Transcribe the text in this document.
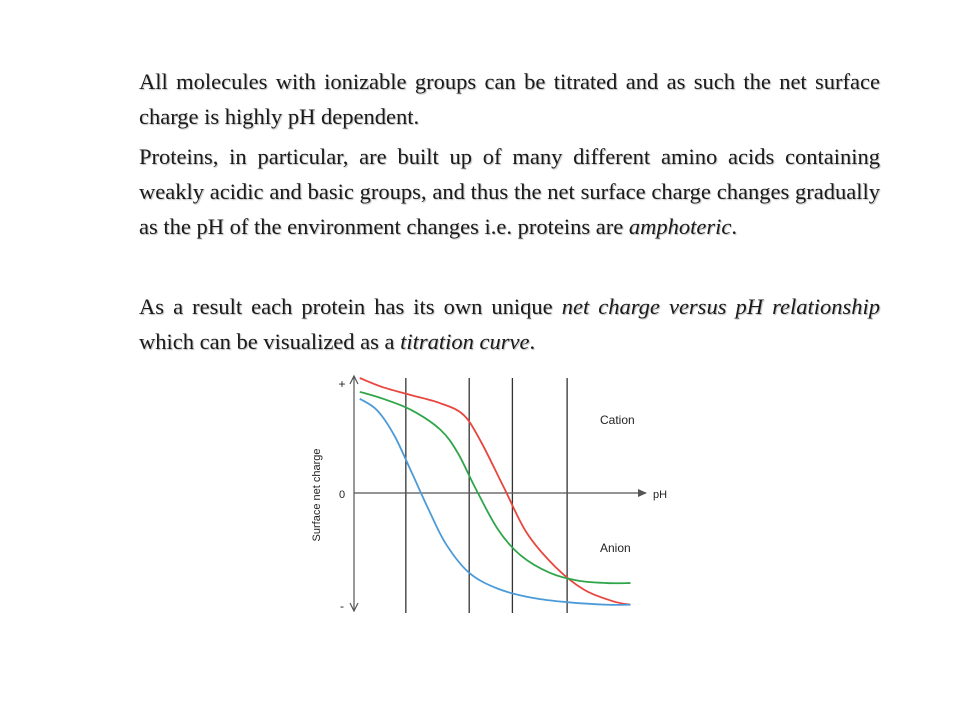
All molecules with ionizable groups can be titrated and as such the net surface charge is highly pH dependent.

Proteins, in particular, are built up of many different amino acids containing weakly acidic and basic groups, and thus the net surface charge changes gradually as the pH of the environment changes i.e. proteins are amphoteric.

As a result each protein has its own unique net charge versus pH relationship which can be visualized as a titration curve.

+
0
-
Surface net charge	pH
Cation
Anion
